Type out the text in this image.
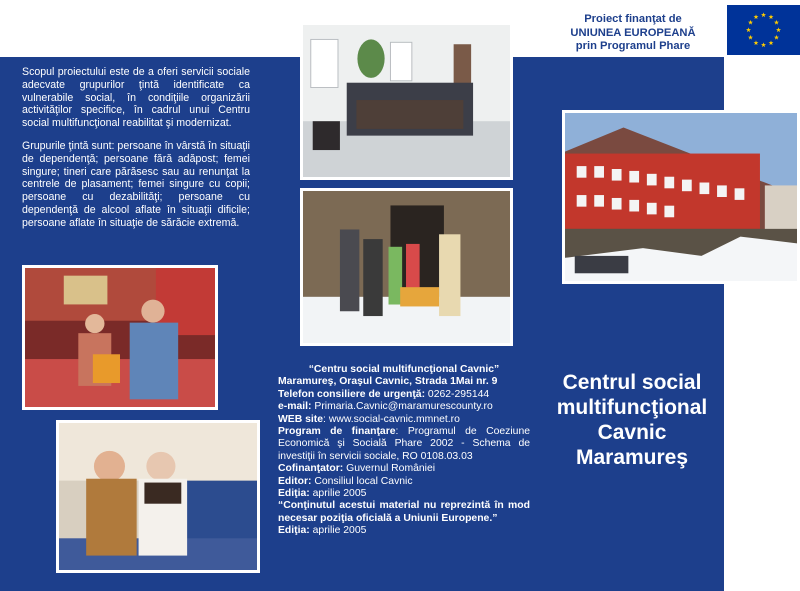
Proiect finanţat de
UNIUNEA EUROPEANĂ
prin Programul Phare

Scopul proiectului este de a oferi servicii sociale adecvate grupurilor ţintă identificate ca vulnerabile social, în condiţiile organizării activităţilor specifice, în cadrul unui Centru social multifuncţional reabilitat şi modernizat.

Grupurile ţintă sunt: persoane în vârstă în situaţii de dependenţă; persoane fără adăpost; femei singure; tineri care părăsesc sau au renunţat la centrele de plasament; femei singure cu copii; persoane cu dezabilităţi; persoane cu dependenţă de alcool aflate în situaţii dificile; persoane aflate în situaţie de sărăcie extremă.

“Centru social multifuncţional Cavnic”
Maramureş, Oraşul Cavnic, Strada 1Mai nr. 9
Telefon consiliere de urgenţă: 0262-295144
e-mail: Primaria.Cavnic@maramurescounty.ro
WEB site: www.social-cavnic.mmnet.ro
Program de finanţare: Programul de Coeziune Economică şi Socială Phare 2002 - Schema de investiţii în servicii sociale, RO 0108.03.03
Cofinanţator: Guvernul României
Editor: Consiliul local Cavnic
Ediţia: aprilie 2005
“Conţinutul acestui material nu reprezintă în mod necesar poziţia oficială a Uniunii Europene.”
Ediţia: aprilie 2005
Centrul social
multifuncţional
Cavnic
Maramureş
